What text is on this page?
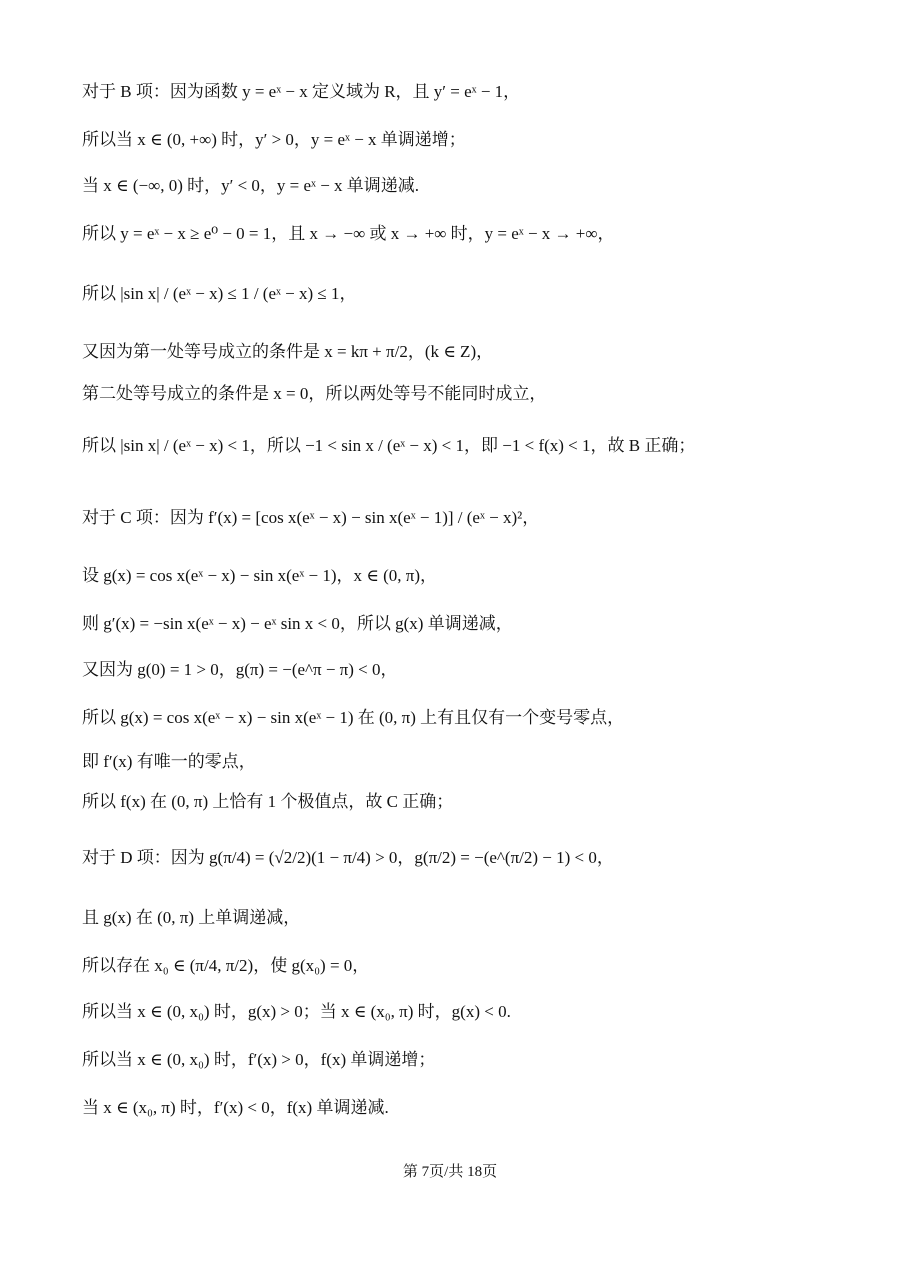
对于 B 项：因为函数 y = eˣ − x 定义域为 R，且 y′ = eˣ − 1，
所以当 x ∈ (0, +∞) 时，y′ > 0，y = eˣ − x 单调递增；
当 x ∈ (−∞, 0) 时，y′ < 0，y = eˣ − x 单调递减.
所以 y = eˣ − x ≥ e⁰ − 0 = 1，且 x → −∞ 或 x → +∞ 时，y = eˣ − x → +∞，
所以 |sin x| / (eˣ − x) ≤ 1 / (eˣ − x) ≤ 1，
又因为第一处等号成立的条件是 x = kπ + π/2，(k ∈ Z)，
第二处等号成立的条件是 x = 0，所以两处等号不能同时成立，
所以 |sin x| / (eˣ − x) < 1，所以 −1 < sin x / (eˣ − x) < 1，即 −1 < f(x) < 1，故 B 正确；
对于 C 项：因为 f′(x) = [cos x(eˣ − x) − sin x(eˣ − 1)] / (eˣ − x)²，
设 g(x) = cos x(eˣ − x) − sin x(eˣ − 1)，x ∈ (0, π)，
则 g′(x) = −sin x(eˣ − x) − eˣ sin x < 0，所以 g(x) 单调递减，
又因为 g(0) = 1 > 0，g(π) = −(e^π − π) < 0，
所以 g(x) = cos x(eˣ − x) − sin x(eˣ − 1) 在 (0, π) 上有且仅有一个变号零点，
即 f′(x) 有唯一的零点，
所以 f(x) 在 (0, π) 上恰有 1 个极值点，故 C 正确；
对于 D 项：因为 g(π/4) = (√2/2)(1 − π/4) > 0，g(π/2) = −(e^(π/2) − 1) < 0，
且 g(x) 在 (0, π) 上单调递减，
所以存在 x₀ ∈ (π/4, π/2)，使 g(x₀) = 0，
所以当 x ∈ (0, x₀) 时，g(x) > 0；当 x ∈ (x₀, π) 时，g(x) < 0.
所以当 x ∈ (0, x₀) 时，f′(x) > 0，f(x) 单调递增；
当 x ∈ (x₀, π) 时，f′(x) < 0，f(x) 单调递减.
第 7页/共 18页
